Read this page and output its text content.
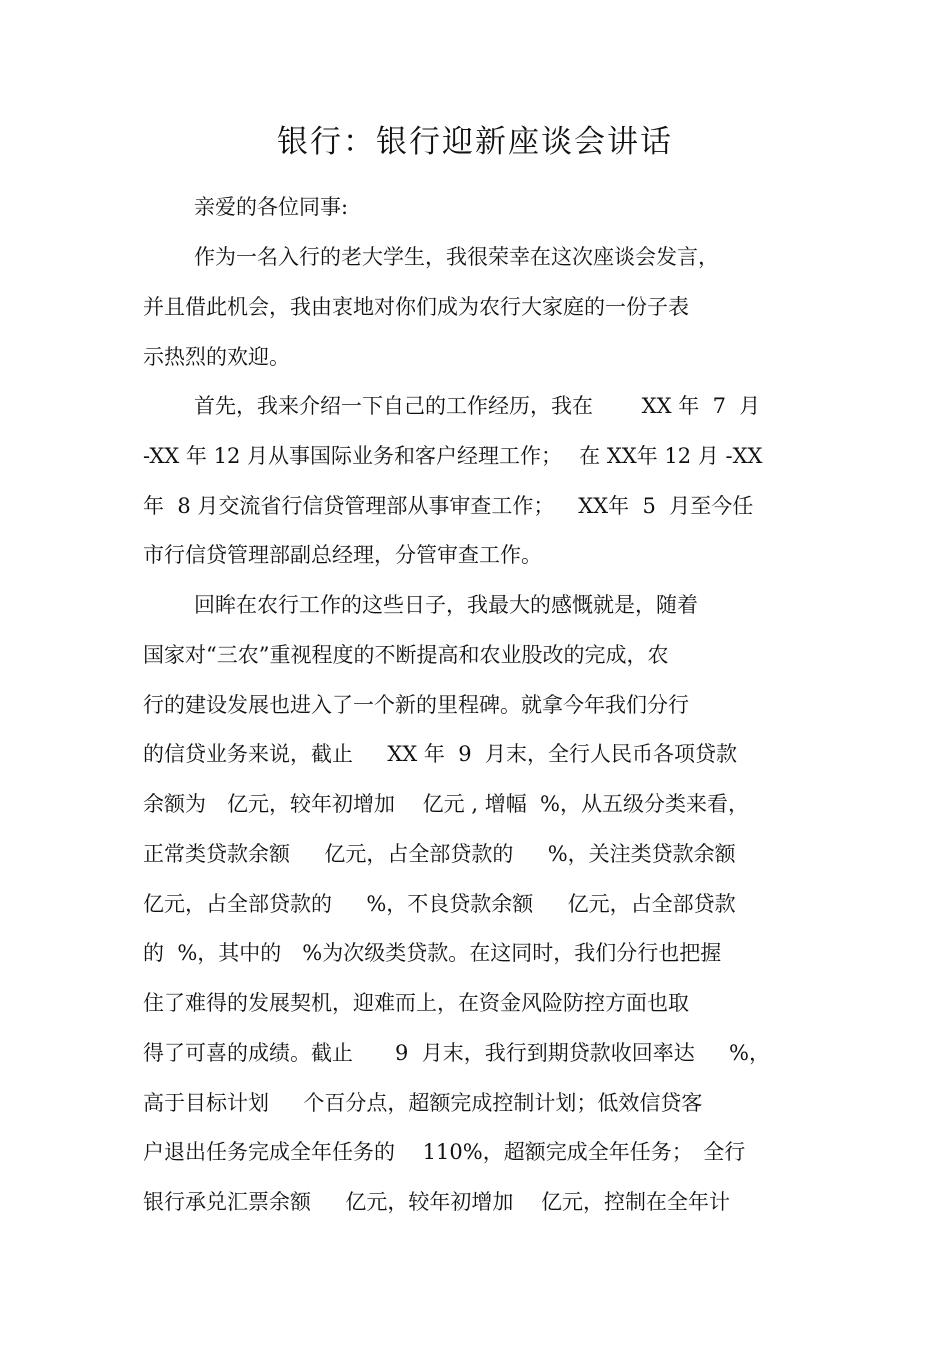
银行：银行迎新座谈会讲话

亲爱的各位同事:

作为一名入行的老大学生，我很荣幸在这次座谈会发言，

并且借此机会，我由衷地对你们成为农行大家庭的一份子表

示热烈的欢迎。

首先，我来介绍一下自己的工作经历，我在　　 XX 年  7  月

-XX 年 12 月从事国际业务和客户经理工作；　 在 XX年 12 月 -XX

年  8 月交流省行信贷管理部从事审查工作；　  XX年  5  月至今任

市行信贷管理部副总经理，分管审查工作。

回眸在农行工作的这些日子，我最大的感慨就是，随着

国家对“三农”重视程度的不断提高和农业股改的完成，农

行的建设发展也进入了一个新的里程碑。就拿今年我们分行

的信贷业务来说，截止　  XX 年  9  月末，全行人民币各项贷款

余额为　亿元，较年初增加　 亿元 , 增幅  %，从五级分类来看，

正常类贷款余额　  亿元，占全部贷款的　  %，关注类贷款余额

亿元，占全部贷款的　  %，不良贷款余额　  亿元，占全部贷款

的  %，其中的　%为次级类贷款。在这同时，我们分行也把握

住了难得的发展契机，迎难而上，在资金风险防控方面也取

得了可喜的成绩。截止　　9  月末，我行到期贷款收回率达　  %，

高于目标计划　  个百分点，超额完成控制计划；低效信贷客

户退出任务完成全年任务的　 110%，超额完成全年任务；　全行

银行承兑汇票余额　  亿元，较年初增加　 亿元，控制在全年计
